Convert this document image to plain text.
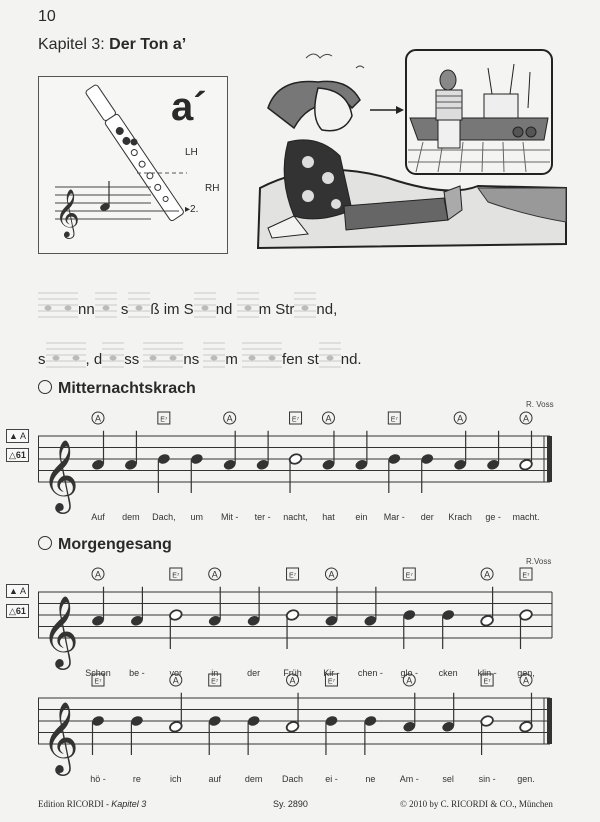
10
Kapitel 3: Der Ton a’
𝄞
a´
LH
RH
▸2.
nn s ß im S nd m Str nd,
s	, d ss	ns m	fen st nd.
Mitternachtskrach
R. Voss
▲ A
△61 𝄞
A
Auf dem
E⁷
Dach, um
A
Mit - ter -
E⁷
nacht,
A
hat ein
E⁷
Mar - der
A
Krach ge -
A
macht.
Morgengesang
R.Voss
▲ A
△61 𝄞
A
Schon be -
E⁷
vor
A
in	der
E⁷
Früh
A
Kir - chen -
E⁷
glo - cken
A
klin -
E⁷
gen,
𝄞
E⁷
hö -	re
A
ich
E⁷
auf	dem
A
Dach
E⁷
ei -	ne
A
Am -	sel
E⁷
sin -
A
gen.
Edition RICORDI - Kapitel 3	Sy. 2890	© 2010 by C. RICORDI & CO., München
